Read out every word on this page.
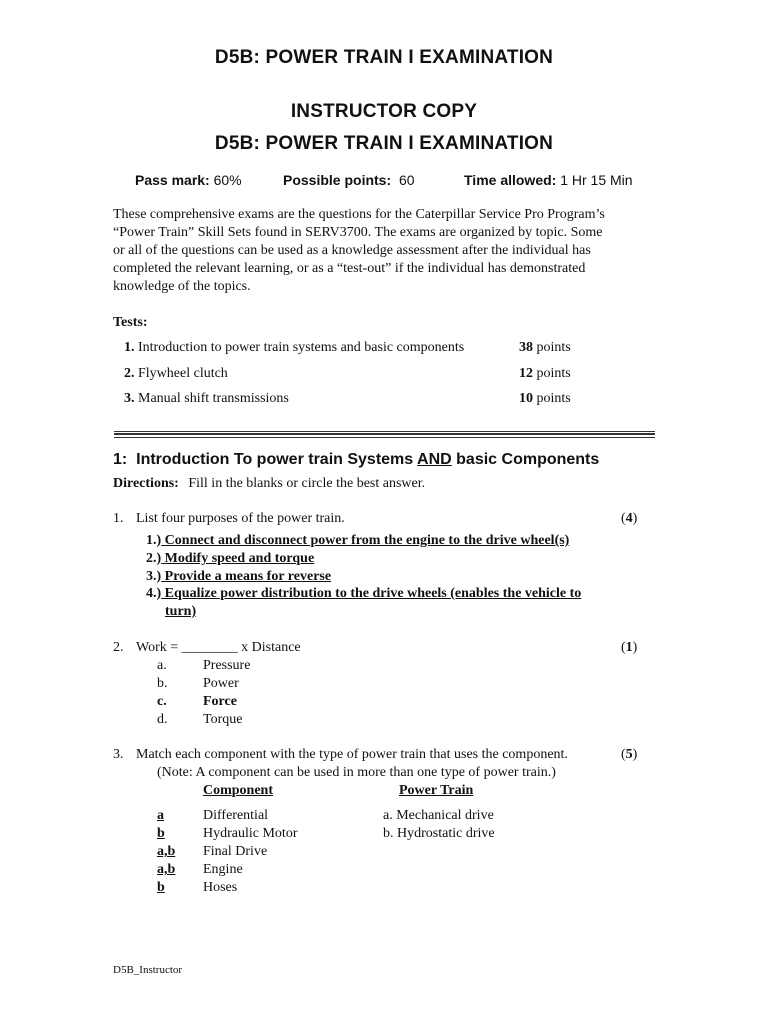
D5B: POWER TRAIN I EXAMINATION
INSTRUCTOR COPY
D5B: POWER TRAIN I EXAMINATION
Pass mark: 60%	Possible points: 60	Time allowed: 1 Hr 15 Min
These comprehensive exams are the questions for the Caterpillar Service Pro Program’s
“Power Train” Skill Sets found in SERV3700. The exams are organized by topic. Some
or all of the questions can be used as a knowledge assessment after the individual has
completed the relevant learning, or as a “test-out” if the individual has demonstrated
knowledge of the topics.
Tests:
1. Introduction to power train systems and basic components	38 points
2. Flywheel clutch	12 points
3. Manual shift transmissions	10 points
1:  Introduction To power train Systems AND basic Components
Directions: Fill in the blanks or circle the best answer.
1. List four purposes of the power train.	(4)
1.) Connect and disconnect power from the engine to the drive wheel(s)
2.) Modify speed and torque
3.) Provide a means for reverse
4.) Equalize power distribution to the drive wheels (enables the vehicle to
turn)
2. Work = ________ x Distance	(1)
a.	Pressure
b.	Power
c.	Force
d.	Torque
3. Match each component with the type of power train that uses the component.	(5)
(Note: A component can be used in more than one type of power train.)
Component	Power Train
a	Differential	a. Mechanical drive
b	Hydraulic Motor	b. Hydrostatic drive
a,b Final Drive
a,b Engine
b	Hoses
D5B_Instructor
